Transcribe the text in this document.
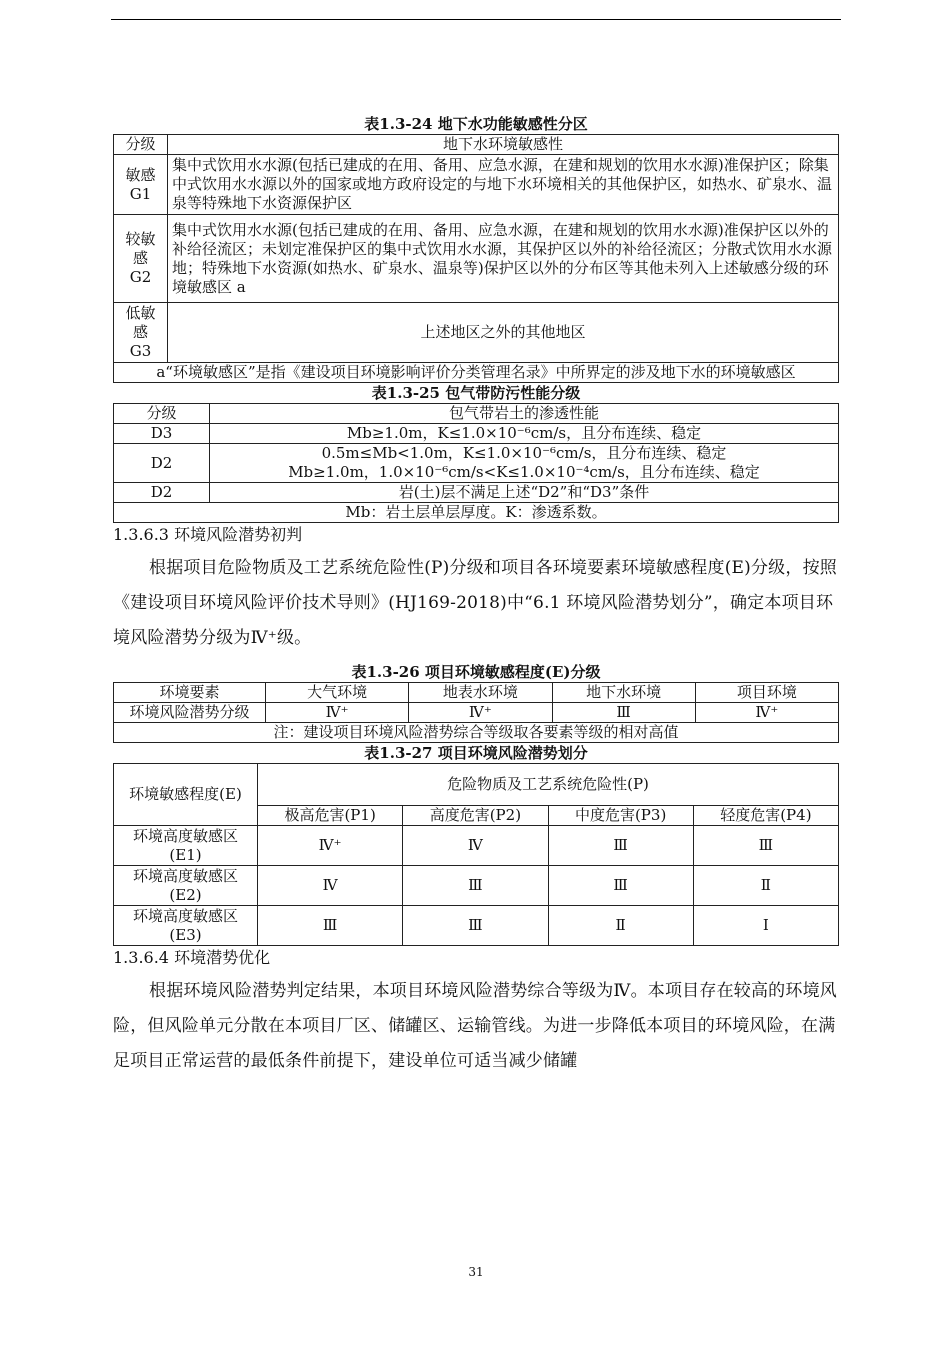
表1.3-24 地下水功能敏感性分区

分级	地下水环境敏感性
敏感
G1	集中式饮用水水源(包括已建成的在用、备用、应急水源，在建和规划的饮用水水源)准保护区；除集中式饮用水水源以外的国家或地方政府设定的与地下水环境相关的其他保护区，如热水、矿泉水、温泉等特殊地下水资源保护区
较敏
感
G2	集中式饮用水水源(包括已建成的在用、备用、应急水源，在建和规划的饮用水水源)准保护区以外的补给径流区；未划定准保护区的集中式饮用水水源，其保护区以外的补给径流区；分散式饮用水水源地；特殊地下水资源(如热水、矿泉水、温泉等)保护区以外的分布区等其他未列入上述敏感分级的环境敏感区 a
低敏
感
G3	上述地区之外的其他地区
a“环境敏感区”是指《建设项目环境影响评价分类管理名录》中所界定的涉及地下水的环境敏感区	

表1.3-25 包气带防污性能分级

分级	包气带岩土的渗透性能
D3	Mb≥1.0m，K≤1.0×10⁻⁶cm/s，且分布连续、稳定
D2	0.5m≤Mb<1.0m，K≤1.0×10⁻⁶cm/s，且分布连续、稳定
Mb≥1.0m，1.0×10⁻⁶cm/s<K≤1.0×10⁻⁴cm/s，且分布连续、稳定
D2	岩(土)层不满足上述“D2”和“D3”条件
Mb：岩土层单层厚度。K：渗透系数。	

1.3.6.3 环境风险潜势初判

根据项目危险物质及工艺系统危险性(P)分级和项目各环境要素环境敏感程度(E)分级，按照《建设项目环境风险评价技术导则》(HJ169-2018)中“6.1 环境风险潜势划分”，确定本项目环境风险潜势分级为Ⅳ⁺级。

表1.3-26 项目环境敏感程度(E)分级

环境要素	大气环境	地表水环境	地下水环境	项目环境
环境风险潜势分级	Ⅳ⁺	Ⅳ⁺	Ⅲ	Ⅳ⁺
注：建设项目环境风险潜势综合等级取各要素等级的相对高值				

表1.3-27 项目环境风险潜势划分

环境敏感程度(E)	危险物质及工艺系统危险性(P)			
	极高危害(P1)	高度危害(P2)	中度危害(P3)	轻度危害(P4)
环境高度敏感区
(E1)	Ⅳ⁺	Ⅳ	Ⅲ	Ⅲ
环境高度敏感区
(E2)	Ⅳ	Ⅲ	Ⅲ	Ⅱ
环境高度敏感区
(E3)	Ⅲ	Ⅲ	Ⅱ	Ⅰ

1.3.6.4 环境潜势优化

根据环境风险潜势判定结果，本项目环境风险潜势综合等级为Ⅳ。本项目存在较高的环境风险，但风险单元分散在本项目厂区、储罐区、运输管线。为进一步降低本项目的环境风险，在满足项目正常运营的最低条件前提下，建设单位可适当减少储罐

31
